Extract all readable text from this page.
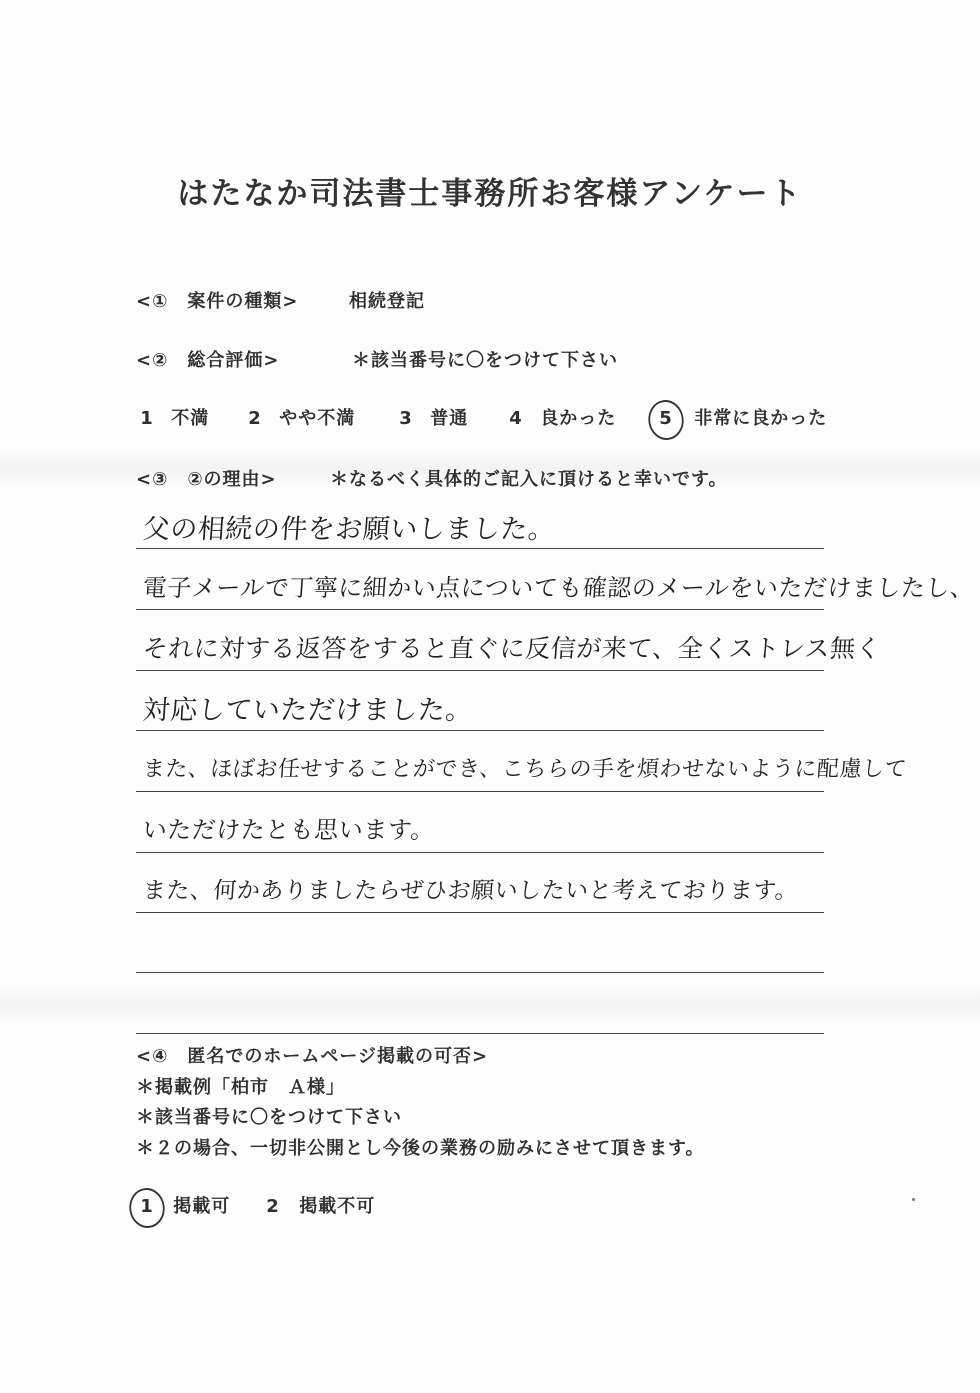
はたなか司法書士事務所お客様アンケート
<①　案件の種類>	相続登記
<②　総合評価>	＊該当番号に〇をつけて下さい
1 不満 2 やや不満 3 普通 4 良かった 5 非常に良かった
<③　②の理由>	＊なるべく具体的ご記入に頂けると幸いです。
父の相続の件をお願いしました。
電子メールで丁寧に細かい点についても確認のメールをいただけましたし、
それに対する返答をすると直ぐに反信が来て、全くストレス無く
対応していただけました。
また、ほぼお任せすることができ、こちらの手を煩わせないように配慮して
いただけたとも思います。
また、何かありましたらぜひお願いしたいと考えております。
<④　匿名でのホームページ掲載の可否>
＊掲載例「柏市　Ａ様」
＊該当番号に〇をつけて下さい
＊２の場合、一切非公開とし今後の業務の励みにさせて頂きます。
1 掲載可 2 掲載不可
